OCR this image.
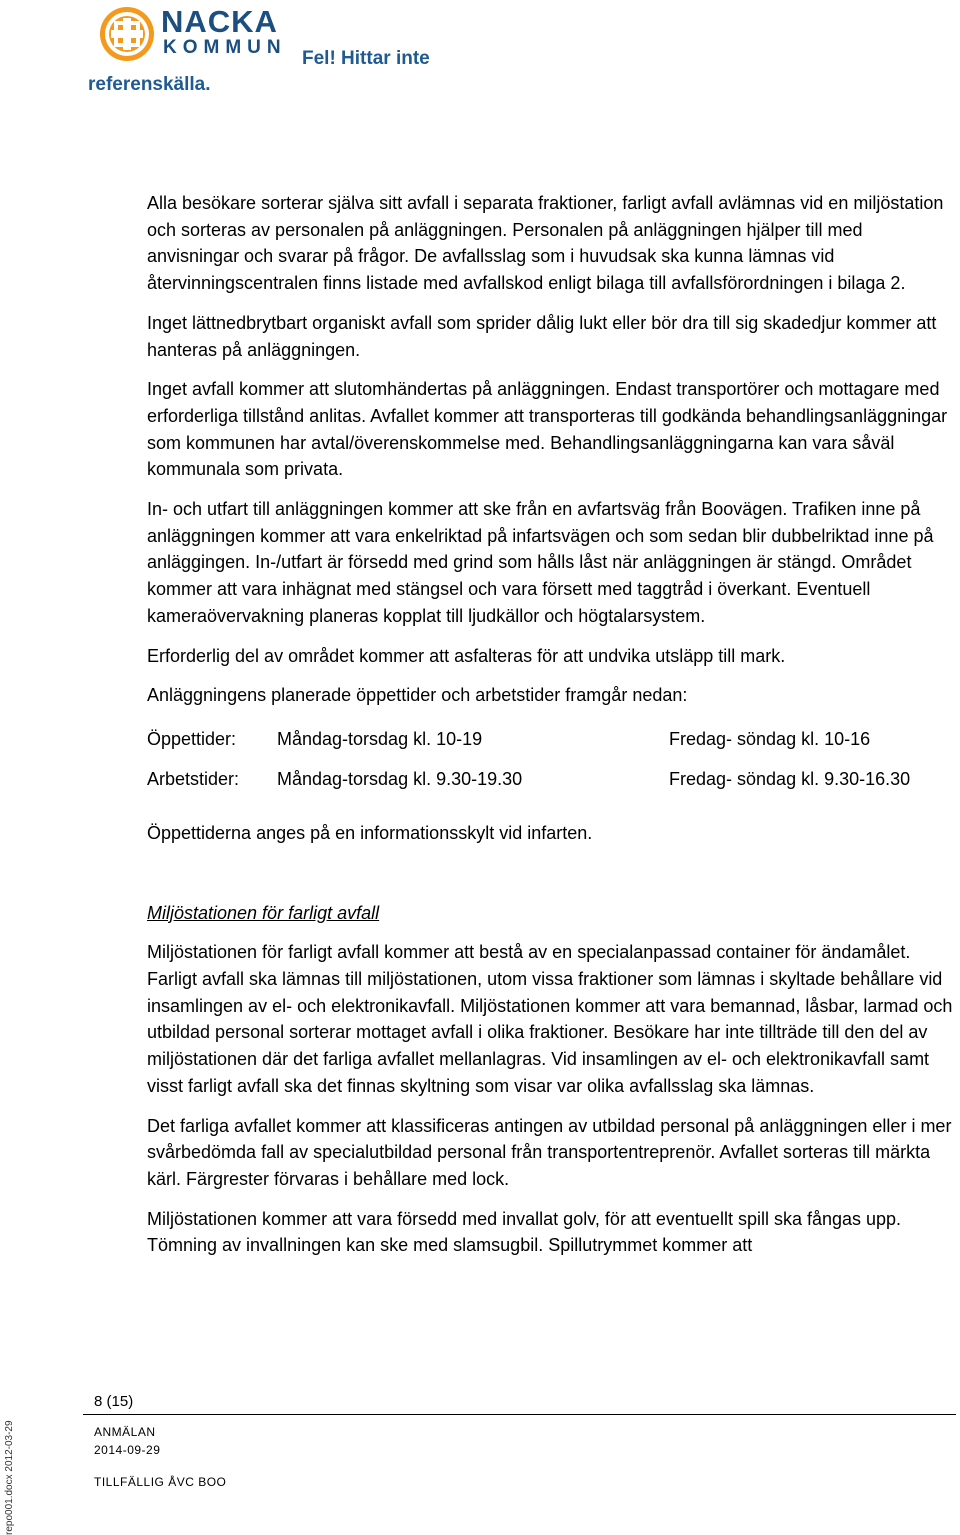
NACKA
KOMMUN
Fel! Hittar inte
referenskälla.

Alla besökare sorterar själva sitt avfall i separata fraktioner, farligt avfall avlämnas vid en miljöstation och sorteras av personalen på anläggningen. Personalen på anläggningen hjälper till med anvisningar och svarar på frågor. De avfallsslag som i huvudsak ska kunna lämnas vid återvinningscentralen finns listade med avfallskod enligt bilaga till avfallsförordningen i bilaga 2.

Inget lättnedbrytbart organiskt avfall som sprider dålig lukt eller bör dra till sig skadedjur kommer att hanteras på anläggningen.

Inget avfall kommer att slutomhändertas på anläggningen. Endast transportörer och mottagare med erforderliga tillstånd anlitas. Avfallet kommer att transporteras till godkända behandlingsanläggningar som kommunen har avtal/överenskommelse med. Behandlingsanläggningarna kan vara såväl kommunala som privata.

In- och utfart till anläggningen kommer att ske från en avfartsväg från Boovägen. Trafiken inne på anläggningen kommer att vara enkelriktad på infartsvägen och som sedan blir dubbelriktad inne på anläggingen. In-/utfart är försedd med grind som hålls låst när anläggningen är stängd. Området kommer att vara inhägnat med stängsel och vara försett med taggtråd i överkant. Eventuell kameraövervakning planeras kopplat till ljudkällor och högtalarsystem.

Erforderlig del av området kommer att asfalteras för att undvika utsläpp till mark.

Anläggningens planerade öppettider och arbetstider framgår nedan:

Öppettider: Måndag-torsdag kl. 10-19	Fredag- söndag kl. 10-16
Arbetstider: Måndag-torsdag kl. 9.30-19.30	Fredag- söndag kl. 9.30-16.30

Öppettiderna anges på en informationsskylt vid infarten.

Miljöstationen för farligt avfall

Miljöstationen för farligt avfall kommer att bestå av en specialanpassad container för ändamålet. Farligt avfall ska lämnas till miljöstationen, utom vissa fraktioner som lämnas i skyltade behållare vid insamlingen av el- och elektronikavfall. Miljöstationen kommer att vara bemannad, låsbar, larmad och utbildad personal sorterar mottaget avfall i olika fraktioner. Besökare har inte tillträde till den del av miljöstationen där det farliga avfallet mellanlagras. Vid insamlingen av el- och elektronikavfall samt visst farligt avfall ska det finnas skyltning som visar var olika avfallsslag ska lämnas.

Det farliga avfallet kommer att klassificeras antingen av utbildad personal på anläggningen eller i mer svårbedömda fall av specialutbildad personal från transportentreprenör. Avfallet sorteras till märkta kärl. Färgrester förvaras i behållare med lock.

Miljöstationen kommer att vara försedd med invallat golv, för att eventuellt spill ska fångas upp. Tömning av invallningen kan ske med slamsugbil. Spillutrymmet kommer att

8 (15)
ANMÄLAN
2014-09-29
TILLFÄLLIG ÅVC BOO
repo001.docx 2012-03-29
